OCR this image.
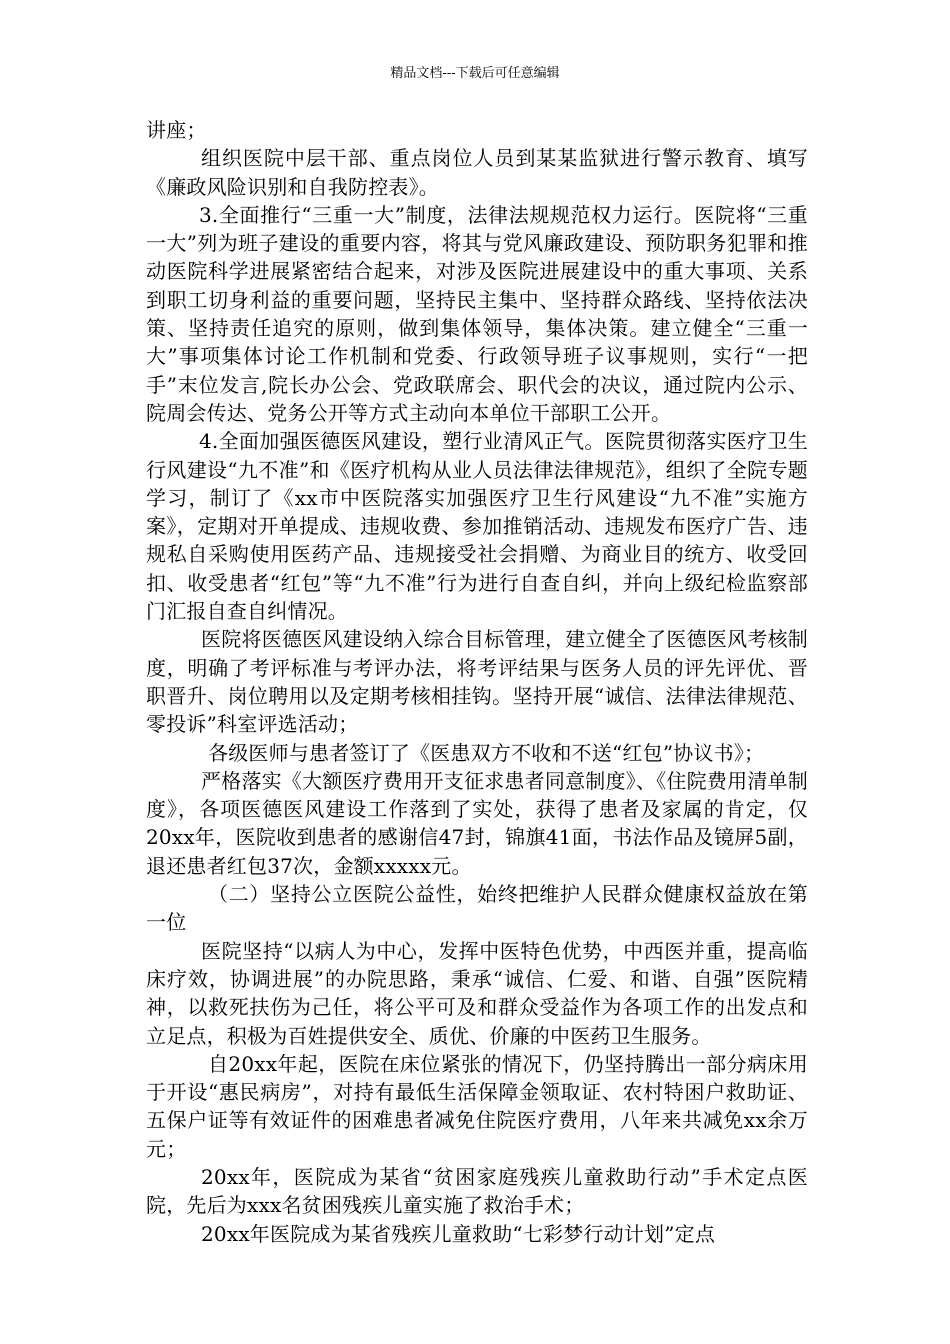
精品文档---下载后可任意编辑

讲座；

组织医院中层干部、重点岗位人员到某某监狱进行警示教育、填写《廉政风险识别和自我防控表》。

3.全面推行“三重一大”制度，法律法规规范权力运行。医院将“三重一大”列为班子建设的重要内容，将其与党风廉政建设、预防职务犯罪和推动医院科学进展紧密结合起来，对涉及医院进展建设中的重大事项、关系到职工切身利益的重要问题，坚持民主集中、坚持群众路线、坚持依法决策、坚持责任追究的原则，做到集体领导，集体决策。建立健全“三重一大”事项集体讨论工作机制和党委、行政领导班子议事规则，实行“一把手”末位发言,院长办公会、党政联席会、职代会的决议，通过院内公示、院周会传达、党务公开等方式主动向本单位干部职工公开。

4.全面加强医德医风建设，塑行业清风正气。医院贯彻落实医疗卫生行风建设“九不准”和《医疗机构从业人员法律法律规范》，组织了全院专题学习，制订了《xx市中医院落实加强医疗卫生行风建设“九不准”实施方案》，定期对开单提成、违规收费、参加推销活动、违规发布医疗广告、违规私自采购使用医药产品、违规接受社会捐赠、为商业目的统方、收受回扣、收受患者“红包”等“九不准”行为进行自查自纠，并向上级纪检监察部门汇报自查自纠情况。

医院将医德医风建设纳入综合目标管理，建立健全了医德医风考核制度，明确了考评标准与考评办法，将考评结果与医务人员的评先评优、晋职晋升、岗位聘用以及定期考核相挂钩。坚持开展“诚信、法律法律规范、零投诉”科室评选活动；

各级医师与患者签订了《医患双方不收和不送“红包”协议书》；

严格落实《大额医疗费用开支征求患者同意制度》、《住院费用清单制度》，各项医德医风建设工作落到了实处，获得了患者及家属的肯定，仅20xx年，医院收到患者的感谢信47封，锦旗41面，书法作品及镜屏5副，退还患者红包37次，金额xxxxx元。

（二）坚持公立医院公益性，始终把维护人民群众健康权益放在第一位

医院坚持“以病人为中心，发挥中医特色优势，中西医并重，提高临床疗效，协调进展”的办院思路，秉承“诚信、仁爱、和谐、自强”医院精神，以救死扶伤为己任，将公平可及和群众受益作为各项工作的出发点和立足点，积极为百姓提供安全、质优、价廉的中医药卫生服务。

自20xx年起，医院在床位紧张的情况下，仍坚持腾出一部分病床用于开设“惠民病房”，对持有最低生活保障金领取证、农村特困户救助证、五保户证等有效证件的困难患者减免住院医疗费用，八年来共减免xx余万元；

20xx年，医院成为某省“贫困家庭残疾儿童救助行动”手术定点医院，先后为xxx名贫困残疾儿童实施了救治手术；

20xx年医院成为某省残疾儿童救助“七彩梦行动计划”定点
